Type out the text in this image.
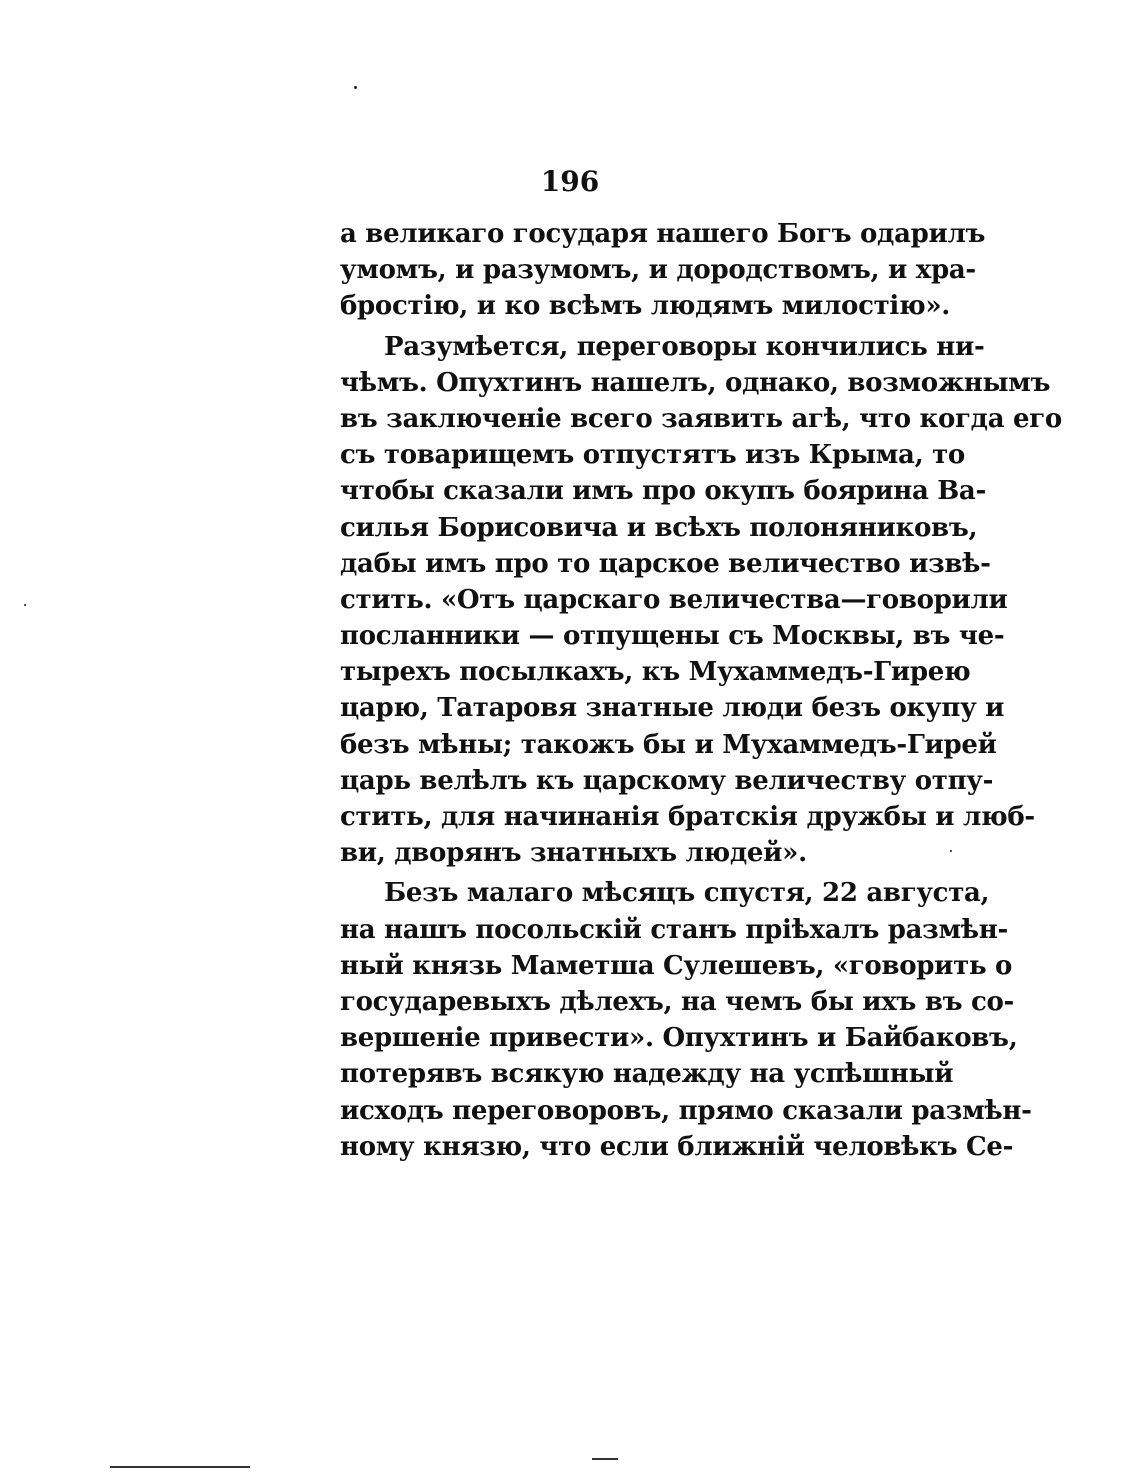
196
а великаго государя нашего Богъ одарилъ
умомъ, и разумомъ, и дородствомъ, и хра-
бростію, и ко всѣмъ людямъ милостію».
Разумѣется, переговоры кончились ни-
чѣмъ. Опухтинъ нашелъ, однако, возможнымъ
въ заключеніе всего заявить агѣ, что когда его
съ товарищемъ отпустятъ изъ Крыма, то
чтобы сказали имъ про окупъ боярина Ва-
силья Борисовича и всѣхъ полоняниковъ,
дабы имъ про то царское величество извѣ-
стить. «Отъ царскаго величества—говорили
посланники — отпущены съ Москвы, въ че-
тырехъ посылкахъ, къ Мухаммедъ-Гирею
царю, Татаровя знатные люди безъ окупу и
безъ мѣны; такожъ бы и Мухаммедъ-Гирей
царь велѣлъ къ царскому величеству отпу-
стить, для начинанія братскія дружбы и люб-
ви, дворянъ знатныхъ людей».
Безъ малаго мѣсяцъ спустя, 22 августа,
на нашъ посольскій станъ пріѣхалъ размѣн-
ный князь Маметша Сулешевъ, «говорить о
государевыхъ дѣлехъ, на чемъ бы ихъ въ со-
вершеніе привести». Опухтинъ и Байбаковъ,
потерявъ всякую надежду на успѣшный
исходъ переговоровъ, прямо сказали размѣн-
ному князю, что если ближній человѣкъ Се-
